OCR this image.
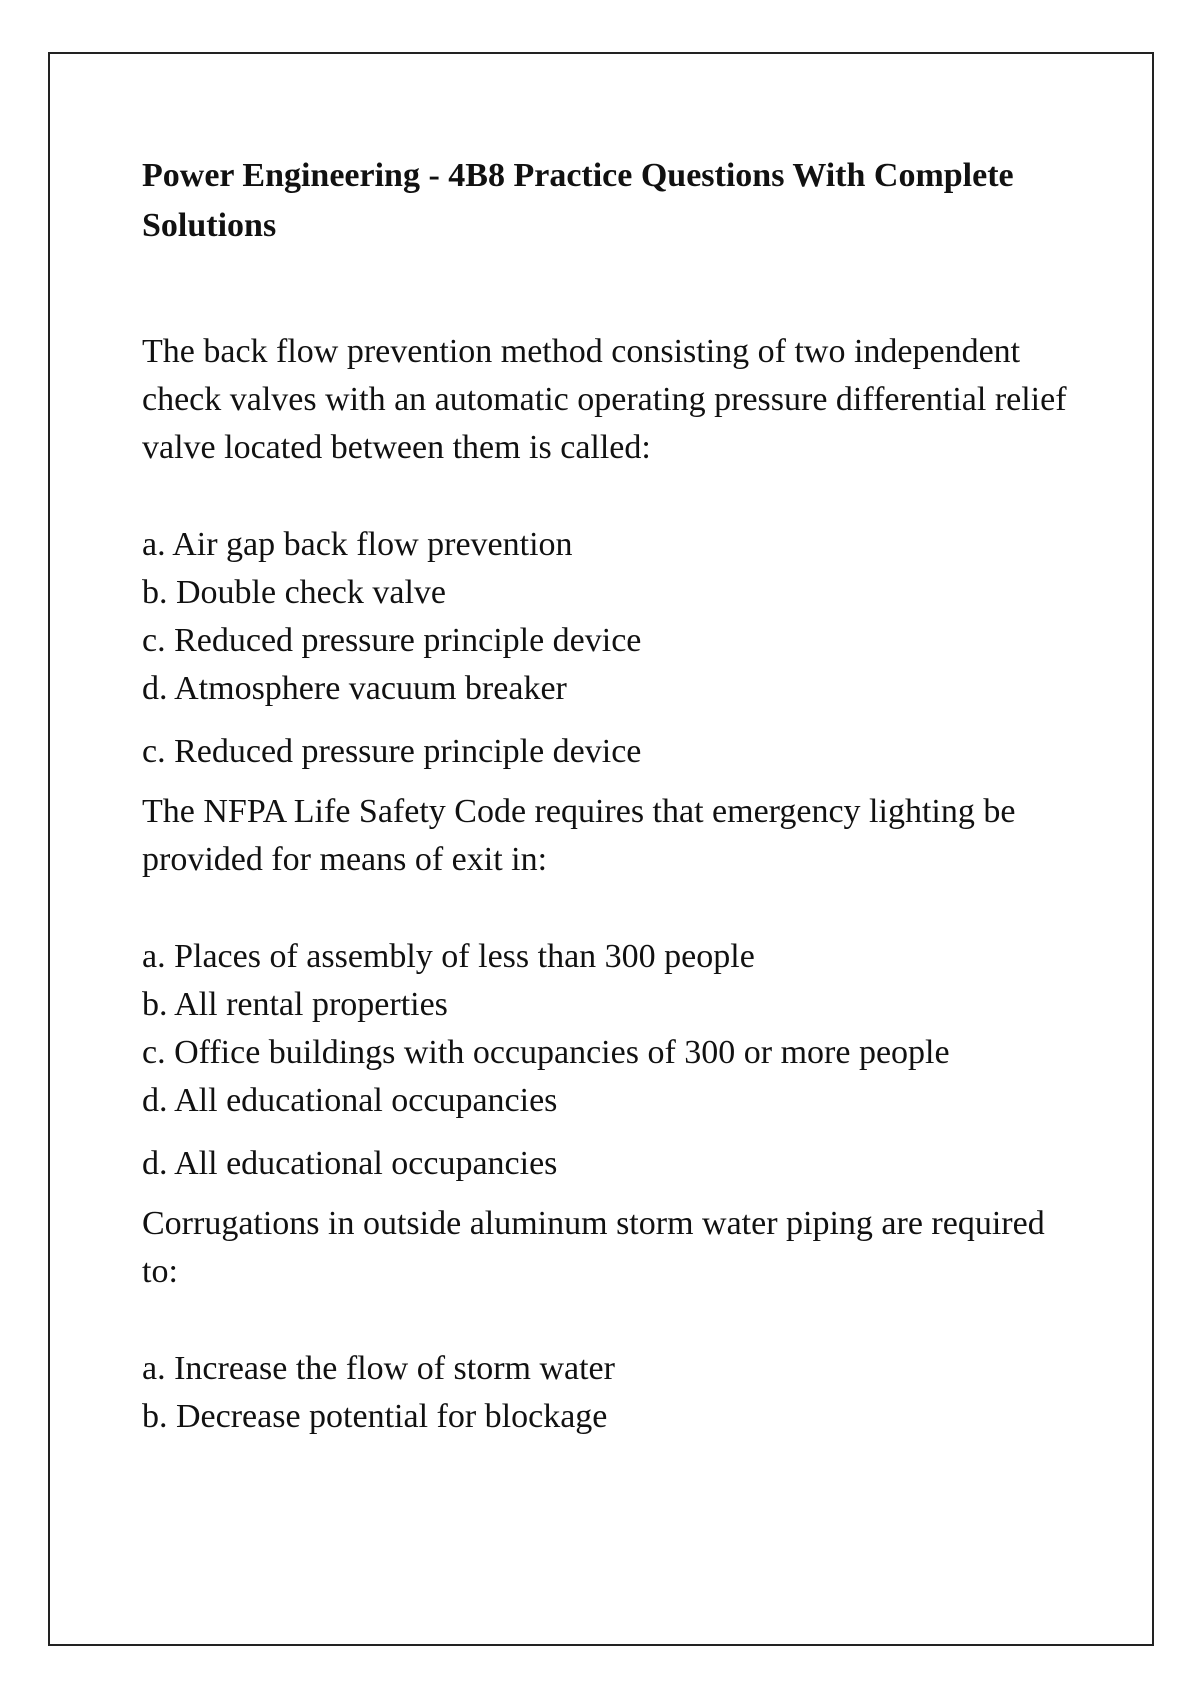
Power Engineering - 4B8 Practice Questions With Complete Solutions
The back flow prevention method consisting of two independent check valves with an automatic operating pressure differential relief valve located between them is called:
a. Air gap back flow prevention
b. Double check valve
c. Reduced pressure principle device
d. Atmosphere vacuum breaker
c. Reduced pressure principle device
The NFPA Life Safety Code requires that emergency lighting be provided for means of exit in:
a. Places of assembly of less than 300 people
b. All rental properties
c. Office buildings with occupancies of 300 or more people
d. All educational occupancies
d. All educational occupancies
Corrugations in outside aluminum storm water piping are required to:
a. Increase the flow of storm water
b. Decrease potential for blockage
